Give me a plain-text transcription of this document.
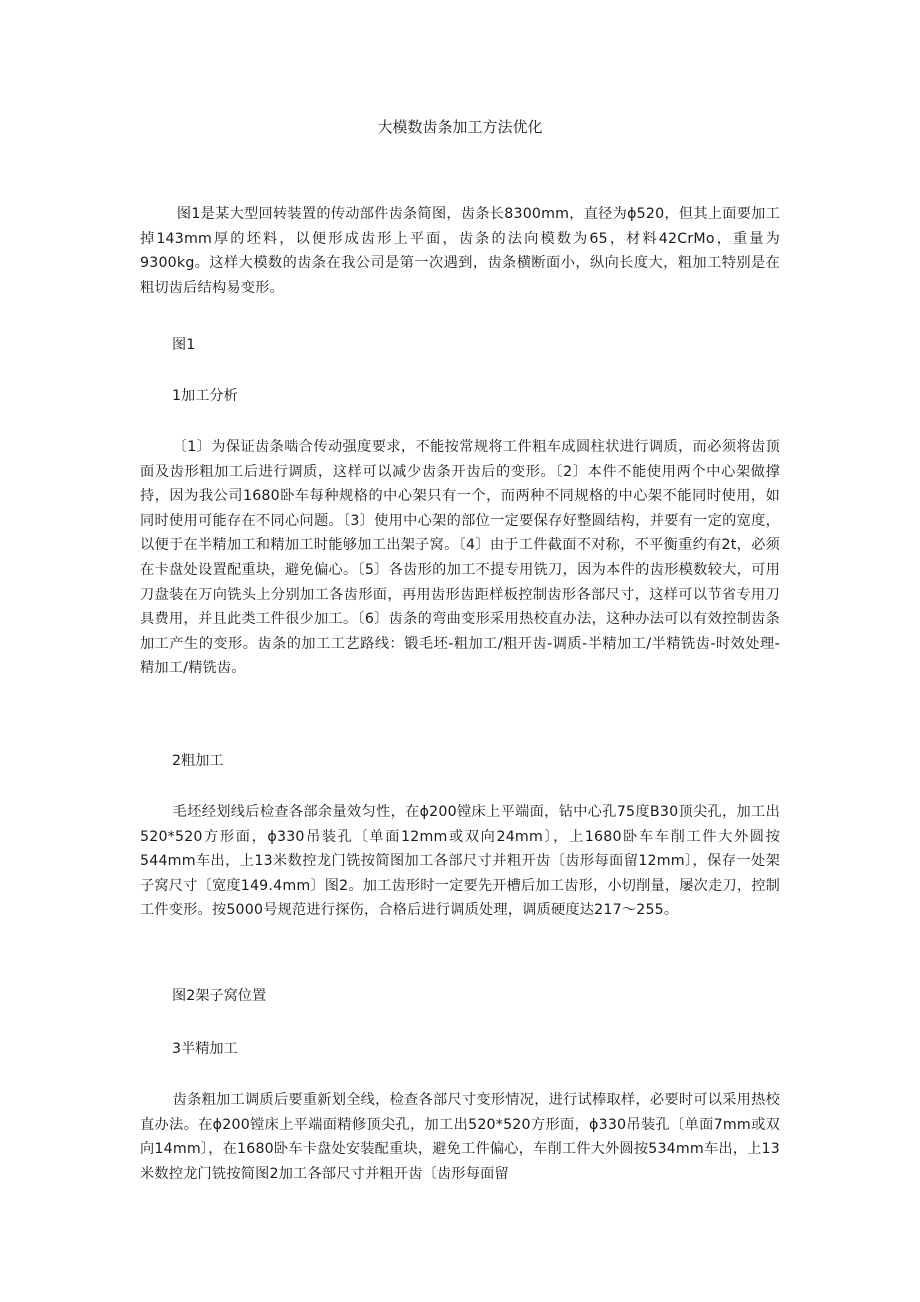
大模数齿条加工方法优化

图1是某大型回转装置的传动部件齿条简图，齿条长8300mm，直径为ϕ520，但其上面要加工掉143mm厚的坯料，以便形成齿形上平面，齿条的法向模数为65，材料42CrMo，重量为9300kg。这样大模数的齿条在我公司是第一次遇到，齿条横断面小，纵向长度大，粗加工特别是在粗切齿后结构易变形。

图1

1加工分析

〔1〕为保证齿条啮合传动强度要求，不能按常规将工件粗车成圆柱状进行调质，而必须将齿顶面及齿形粗加工后进行调质，这样可以减少齿条开齿后的变形。〔2〕本件不能使用两个中心架做撑持，因为我公司1680卧车每种规格的中心架只有一个，而两种不同规格的中心架不能同时使用，如同时使用可能存在不同心问题。〔3〕使用中心架的部位一定要保存好整圆结构，并要有一定的宽度，以便于在半精加工和精加工时能够加工出架子窝。〔4〕由于工件截面不对称，不平衡重约有2t，必须在卡盘处设置配重块，避免偏心。〔5〕各齿形的加工不提专用铣刀，因为本件的齿形模数较大，可用刀盘装在万向铣头上分别加工各齿形面，再用齿形齿距样板控制齿形各部尺寸，这样可以节省专用刀具费用，并且此类工件很少加工。〔6〕齿条的弯曲变形采用热校直办法，这种办法可以有效控制齿条加工产生的变形。齿条的加工工艺路线：锻毛坯-粗加工/粗开齿-调质-半精加工/半精铣齿-时效处理-精加工/精铣齿。

2粗加工

毛坯经划线后检查各部余量效匀性，在ϕ200镗床上平端面，钻中心孔75度B30顶尖孔，加工出520*520方形面，ϕ330吊装孔〔单面12mm或双向24mm〕，上1680卧车车削工件大外圆按544mm车出，上13米数控龙门铣按简图加工各部尺寸并粗开齿〔齿形每面留12mm〕，保存一处架子窝尺寸〔宽度149.4mm〕图2。加工齿形时一定要先开槽后加工齿形，小切削量，屡次走刀，控制工件变形。按5000号规范进行探伤，合格后进行调质处理，调质硬度达217～255。

图2架子窝位置

3半精加工

齿条粗加工调质后要重新划全线，检查各部尺寸变形情况，进行试棒取样，必要时可以采用热校直办法。在ϕ200镗床上平端面精修顶尖孔，加工出520*520方形面，ϕ330吊装孔〔单面7mm或双向14mm〕，在1680卧车卡盘处安装配重块，避免工件偏心，车削工件大外圆按534mm车出，上13米数控龙门铣按简图2加工各部尺寸并粗开齿〔齿形每面留
